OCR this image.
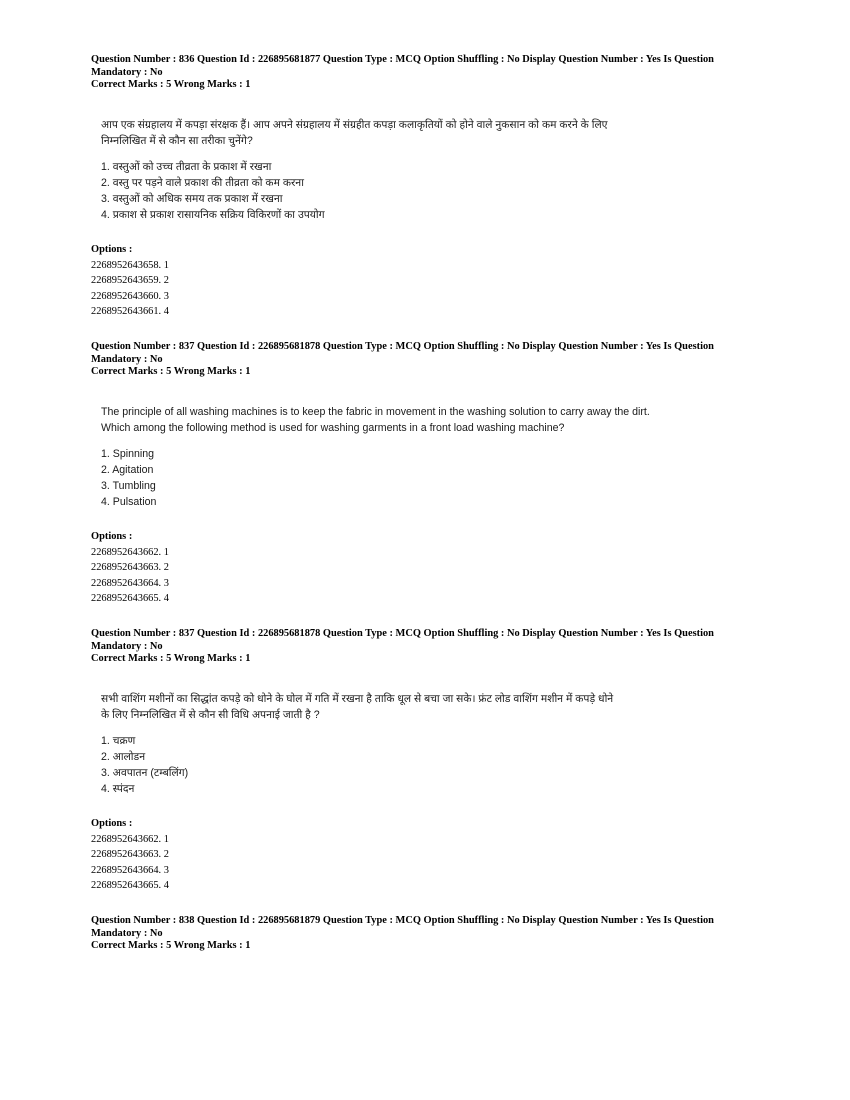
Question Number : 836 Question Id : 226895681877 Question Type : MCQ Option Shuffling : No Display Question Number : Yes Is Question
Mandatory : No
Correct Marks : 5 Wrong Marks : 1

आप एक संग्रहालय में कपड़ा संरक्षक हैं। आप अपने संग्रहालय में संग्रहीत कपड़ा कलाकृतियों को होने वाले नुकसान को कम करने के लिए

निम्नलिखित में से कौन सा तरीका चुनेंगे?

1. वस्तुओं को उच्च तीव्रता के प्रकाश में रखना
2. वस्तु पर पड़ने वाले प्रकाश की तीव्रता को कम करना
3. वस्तुओं को अधिक समय तक प्रकाश में रखना
4. प्रकाश से प्रकाश रासायनिक सक्रिय विकिरणों का उपयोग
Options :
2268952643658. 1
2268952643659. 2
2268952643660. 3
2268952643661. 4
Question Number : 837 Question Id : 226895681878 Question Type : MCQ Option Shuffling : No Display Question Number : Yes Is Question
Mandatory : No
Correct Marks : 5 Wrong Marks : 1

The principle of all washing machines is to keep the fabric in movement in the washing solution to carry away the dirt.

Which among the following method is used for washing garments in a front load washing machine?

1. Spinning
2. Agitation
3. Tumbling
4. Pulsation
Options :
2268952643662. 1
2268952643663. 2
2268952643664. 3
2268952643665. 4
Question Number : 837 Question Id : 226895681878 Question Type : MCQ Option Shuffling : No Display Question Number : Yes Is Question
Mandatory : No
Correct Marks : 5 Wrong Marks : 1

सभी वाशिंग मशीनों का सिद्धांत कपड़े को धोने के घोल में गति में रखना है ताकि धूल से बचा जा सके। फ्रंट लोड वाशिंग मशीन में कपड़े धोने

के लिए निम्नलिखित में से कौन सी विधि अपनाई जाती है ?

1. चक्रण
2. आलोडन
3. अवपातन (टम्बलिंग)
4. स्पंदन
Options :
2268952643662. 1
2268952643663. 2
2268952643664. 3
2268952643665. 4
Question Number : 838 Question Id : 226895681879 Question Type : MCQ Option Shuffling : No Display Question Number : Yes Is Question
Mandatory : No
Correct Marks : 5 Wrong Marks : 1
